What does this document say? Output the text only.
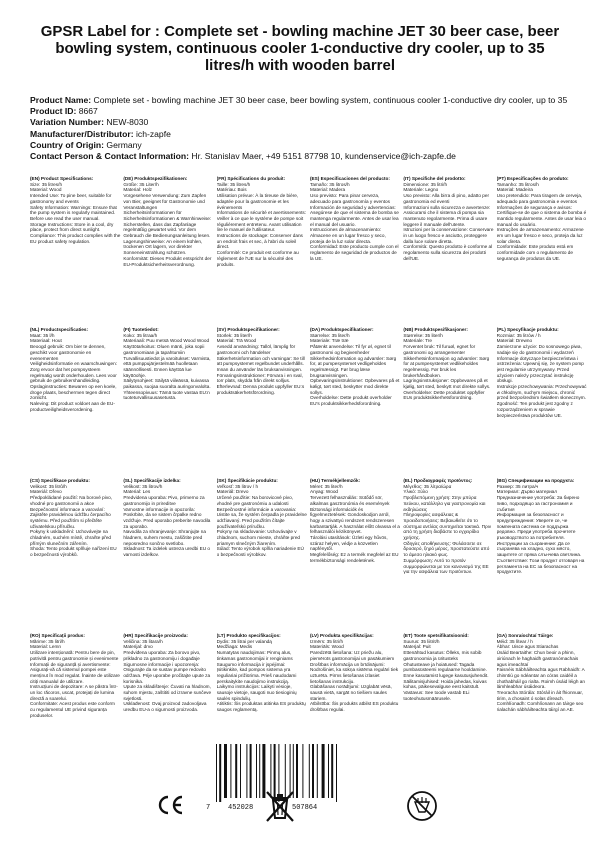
GPSR Label for : Complete set - bowling machine JET 30 beer case, beer bowling system, continuous cooler 1-conductive dry cooler, up to 35 litres/h with wooden barrel
Product Name: Complete set - bowling machine JET 30 beer case, beer bowling system, continuous cooler 1-conductive dry cooler, up to 35
Product ID: 8667
Variation Number: NEW-8030
Manufacturer/Distributor: ich-zapfe
Country of Origin: Germany
Contact Person & Contact Information: Hr. Stanislav Maer, +49 5151 87798 10, kundenservice@ich-zapfe.de

(EN) Product Specifications:

Size: 35 litres/h

Material: Wood

Intended Use: To pine beer, suitable for gastronomy and events

Safety Information: Warnings: Ensure that the pump system is regularly maintained. Before use read the user manual.

Storage Instructions: Store in a cool, dry place, protect from direct sunlight.

Compliance: This product complies with the EU product safety regulation.

(DE) Produktspezifikationen:

Größe: 35 Liter/h

Material: Holz

Vorgesehene Verwendung: Zum Zapfen von Bier, geeignet für Gastronomie und Veranstaltungen

Sicherheitsinformationen für Sicherheitsinformationen & Warnhinweise: Sicherstellen, dass das Zapfanlage regelmäßig gewartet wird. Vor dem Gebrauch die Bedienungsanleitung lesen.

Lagerungshinweise: An einem kühlen, trockenen Ort lagern, vor direkter Sonneneinstrahlung schützen.

Konformität: Dieses Produkt entspricht der EU-Produktsicherheitsverordnung.

(FR) Spécifications du produit:

Taille: 35 litres/h

Matériau: Bois

Utilisation prévue: À la tireuse de bière, adaptée pour la gastronomie et les événements

Informations de sécurité et avertissements: Veiller à ce que le système de pompe soit régulièrement entretenu. Avant utilisation lire le manuel de l'utilisateur.

Instructions de stockage: Conserver dans un endroit frais et sec, à l'abri du soleil direct.

Conformité: Ce produit est conforme au règlement de l'UE sur la sécurité des produits.

(ES) Especificaciones del producto:

Tamaño: 35 litros/h

Material: Madera

Uso previsto: Para pinar cerveza, adecuado para gastronomía y eventos

Información de seguridad y advertencias: Asegúrese de que el sistema de bomba se mantenga regularmente. Antes de usar lea el manual del usuario.

Instrucciones de almacenamiento: Almacene en un lugar fresco y seco, proteja de la luz solar directa.

Conformidad: Este producto cumple con el reglamento de seguridad de productos de la UE.

(IT) Specifiche del prodotto:

Dimensione: 35 litri/h

Materiale: Legno

Uso previsto: Alla birra di pino, adatto per gastronomia ed eventi

Informazioni sulla sicurezza e avvertenze: Assicurarsi che il sistema di pompa sia mantenuto regolarmente. Prima di usare leggere il manuale dell'utente.

Istruzioni per la conservazione: Conservare in un luogo fresco e asciutto, proteggere dalla luce solare diretta.

Conformità: Questo prodotto è conforme al regolamento sulla sicurezza dei prodotti dell'UE.

(PT) Especificações do produto:

Tamanho: 35 litros/h

Material: Madeira

Uso pretendido: Para tiragem de cerveja, adequado para gastronomia e eventos

Informações de segurança e avisos: Certifique-se de que o sistema de bomba é mantido regularmente. Antes de usar leia o manual do usuário.

Instruções de armazenamento: Armazene em um lugar fresco e seco, proteja da luz solar direta.

Conformidade: Este produto está em conformidade com o regulamento de segurança de produtos da UE.

(NL) Productspecificaties:

Maat: 35 l/h

Materiaal: Hout

Beoogd gebruik: Om bier te dennen, geschikt voor gastronomie en evenementen

Veiligheidsinformatie en waarschuwingen: Zorg ervoor dat het pompsysteem regelmatig wordt onderhouden. Lees voor gebruik de gebruikershandleiding.

Opslaginstructies: Bewaren op een koele, droge plaats, beschermen tegen direct zonlicht.

Naleving: Dit product voldoet aan de EU-productveiligheidsverordening.

(FI) Tuotetiedot:

Koko: 35 litraa/h

Materiaali: Puu metsä Wood Wood Wood

Käyttötarkoitus: Oluen mänti, joka sopii gastronomiaan ja tapahtumiin

Turvallisuustiedot ja varoitukset: Varmista, että pumppujärjestelmää huolletaan säännöllisesti. Ennen käyttöä lue käyttöohje.

Säilytysohjeet: Säilytä viileässä, kuivassa paikassa, suojaa suoralta auringonvalolta.

Yhteensopivuus: Tämä tuote vastaa EU:n tuoteturvallisuusasetusta.

(SV) Produktspecifikationer:

Storlek: 35 liter/h

Material: Trä Wood

Avsedd användning: Tallöl, lämplig för gastronomi och händelser

Säkerhetsinformation och varningar: Se till att pumpsystemet regelbundet underhålls. Innan du använder läs bruksanvisningen.

Förvaringsinstruktioner: Förvara i en sval, torr plats, skydda från direkt solljus.

Efterlevnad: Denna produkt uppfyller EU:s produktsäkerhetsförordning.

(DA) Produktspecifikationer:

Størrelse: 35 liter/h

Materiale: Træ træ

Påtænkt anvendelse: Til fyr øl, egnet til gastronomi og begivenheder

Sikkerhedsinformation og advarsler: Sørg for, at pumpesystemet vedligeholdes regelmæssigt. Før brug læse brugsanvisningen.

Opbevaringsinstruktioner: Opbevares på et køligt, tørt sted, beskytter mod direkte sollys.

Overholdelse: Dette produkt overholder EU's produktsikkerhedsforordning.

(NB) Produktspesifikasjoner:

Størrelse: 35 liter/h

Materiale: Tre

Forventet bruk: Til furuøl, egnet for gastronomi og arrangementer

Sikkerhetsinformasjon og advarsler: Sørg for at pumpesystemet vedlikeholdes regelmessig. Før bruk les brukerhåndboken.

Lagringsinstruksjoner: Oppbevares på et kjølig, tørt sted, beskytt mot direkte sollys.

Overholdelse: Dette produktet oppfyller EUs produktsikkerhetsforordning.

(PL) Specyfikacje produktu:

Rozmiar: 35 litrów / h

Materiał: Drewno

Zamierzone użycie: Do sosnowego piwa, nadaje się do gastronomii i wydarzeń

Informacje dotyczące bezpieczeństwa i ostrzeżenia: Upewnij się, że system pomp jest regularnie utrzymywany. Przed użyciem należy przeczytać instrukcję obsługi.

Instrukcje przechowywania: Przechowywać w chłodnym, suchym miejscu, chronić przed bezpośrednim światłem słonecznym.

Zgodność: Ten produkt jest zgodny z rozporządzeniem w sprawie bezpieczeństwa produktów UE.

(CS) Specifikace produktu:

Velikost: 35 litrů/h

Materiál: Dřevo

Předpokládané použití: Na borové pivo, vhodné pro gastronomii a akce

Bezpečnostní informace a varování: Zajistěte pravidelnou údržbu čerpacího systému. Před použitím si přečtěte uživatelskou příručku.

Pokyny k uskladnění: Uchovávejte na chladném, suchém místě, chraňte před přímým slunečním zářením.

Shoda: Tento produkt splňuje nařízení EU o bezpečnosti výrobků.

(SL) Specifikacije izdelka:

Velikost: 35 litrov/h

Material: Les

Predvidena uporaba: Pivo, primerno za gastronomijo in prireditve

Varnostne informacije in opozorila: Poskrbite, da se sistem črpalke redno vzdržuje. Pred uporabo preberite navodila za uporabo.

Navodila za shranjevanje: Shranjujte na hladnem, suhem mestu, zaščitite pred neposredno sončno svetlobo.

Skladnost: Ta izdelek ustreza uredbi EU o varnosti izdelkov.

(SK) Špecifikácie produktu:

Veľkosť: 35 litrov / h

Materiál: Drevo

Určené použitie: Na borovicové pivo, vhodné pre gastronómiu a udalosti

Bezpečnostné informácie a varovania: Uistite sa, že systém čerpadla je pravidelne udržiavaný. Pred použitím čítajte používateľskú príručku.

Pokyny na skladovanie: Uchovávajte v chladnom, suchom mieste, chráňte pred priamym slnečným žiarením.

Súlad: Tento výrobok spĺňa nariadenie EÚ o bezpečnosti výrobkov.

(HU) Termékjellemzők:

Méret: 35 liter/h

Anyag: Wood

Tervezett felhasználás: Sütődő sör, alkalmas gasztronómia és események

Biztonsági információk és figyelmeztetések: Gondoskodjon arról, hogy a szivattyú rendszert rendszeresen karbantartják. A használat előtt olvassa el a felhasználói kézikönyvet.

Tárolási utasítások: Üzleti egy hűvös, száraz helyen, védje a közvetlen napfénytől.

Megfelelőség: Ez a termék megfelel az EU termékbiztonsági rendeletének.

(EL) Προδιαγραφές προϊόντος:

Μέγεθος: 35 λίτρα/ώρα

Υλικό: Ξύλο

Προβλεπόμενη χρήση: Στην μπύρα πεύκου, κατάλληλο για γαστρονομία και εκδηλώσεις

Πληροφορίες ασφάλειας & προειδοποιήσεις: Βεβαιωθείτε ότι το σύστημα αντλίας συντηρείται τακτικά. Πριν από τη χρήση διαβάστε το εγχειρίδιο χρήσης.

Οδηγίες αποθήκευσης: Φυλάσσετε σε δροσερό, ξηρό μέρος, προστατεύστε από το άμεσο ηλιακό φως.

Συμμόρφωση: Αυτό το προϊόν συμμορφώνεται με τον κανονισμό της ΕΕ για την ασφάλεια των προϊόντων.

(BG) Спецификации на продукта:

Размер: 35 литра/ч

Материал: Дърво материал

Предназначение употреба: За бирено пиво, подходящо за гастрономия и събития

Информация за безопасност и предупреждения: Уверете се, че помпената система се поддържа редовно. Преди употреба прочетете ръководството за потребителя.

Инструкции за съхранение: Да се съхранява на хладно, сухо място, защитете от пряка слънчева светлина.

Съответствие: Този продукт отговаря на регламента на ЕС за безопасност на продуктите.

(RO) Specificații produs:

Mărime: 35 litri/h

Material: Lemn

Utilizare intenționată: Pentru bere de pin, potrivită pentru gastronomie și evenimente

Informații de siguranță și avertismente: Asigurați-vă că sistemul pompei este menținut în mod regulat. Înainte de utilizare citiți manualul de utilizare.

Instrucțiuni de depozitare: A se păstra într-un loc răcoros, uscat, protejați de lumina directă a soarelui.

Conformitate: Acest produs este conform cu regulamentul UE privind siguranța produselor.

(HR) Specifikacije proizvoda:

Veličina: 35 litara/h

Materijal: drvo

Predviđena uporaba: Za borovo pivo, prikladno za gastronomiju i događaje

Sigurnosne informacije i upozorenja: Osigurajte da se sustav pumpe redovito održava. Prije uporabe pročitajte upute za korisnika.

Upute za skladištenje: Čuvati na hladnom, suhom mjestu, zaštititi od izravne sunčeve svjetlosti.

Usklađenost: Ovaj proizvod zadovoljava uredbu EU-a o sigurnosti proizvoda.

(LT) Produkto specifikacijos:

Dydis: 35 litrai per valandą

Medžiaga: Medis

Numatytas naudojimas: Pinmų alus, tinkamas gastronomijai ir renginiams

Saugumo informacija ir įspėjimai: Įsitikinkite, kad pompos sistema yra reguliariai prižiūrima. Prieš naudodami perskaitykite naudojimo instrukciją.

Laikymo instrukcijos: Laikyti vėsioje, sausoje vietoje, saugoti nuo tiesioginių saulės spindulių.

Atitiktis: Šis produktas atitinka ES produktų saugos reglamentą.

(LV) Produkta specifikācijas:

Izmērs: 35 litri/h

Materiāls: Wood

Paredzētā lietošana: Uz priežu alu, piemērots gastronomijai un pasākumiem

Drošības informācija un brīdinājumi: Nodrošiniet, ka sūkņa sistēma regulāri tiek uzturēta. Pirms lietošanas izlasiet lietošanas instrukciju.

Glabāšanas norādījumi: Uzglabāt vēsā, sausā vietā, sargāt no tiešiem saules stariem.

Atbilstība: Šis produkts atbilst ES produktu drošības regulai.

(ET) Toote spetsifikatsioonid:

Suurus: 35 liitrit/h

Materjal: Puit

Ettenähtud kasutus: Õlleks, mis sobib gastronoomia ja üritusteks

Ohutusteave ja hoiatused: Tagada pumbasüsteemi regulaarne hooldamine. Enne kasutamist lugege kasutusjuhendit.

Säilitamisjuhised: Hoida jahedas, kuivas kohas, päikesevalguse eest kaitstult.

Vastavus: See toode vastab ELi tooteohutusmäärusele.

(GA) Sonraíochtaí Táirge:

Méid: 35 lítear / h

Ábhar: Uisce agus Stiarachas

Úsáid Beartaithe: Chun beoir a phinn, oiriúnach le haghaidh gastranómachais agus imeachtaí

Faisnéis Sábháilteachta agus Rabhaidh: A chinntiú go ndéantar an córas caidéil a chothabháil go rialta. Roimh úsáid léigh an lámhleabhar úsáideora.

Treoracha Stórála: Stóráil in áit fhionnuar, tirim, a chosaint ó solas díreach.

Comhlíonadh: Comhlíonann an táirge seo rialachán sábháilteachta táirgí an AE.

7	452028	507864
